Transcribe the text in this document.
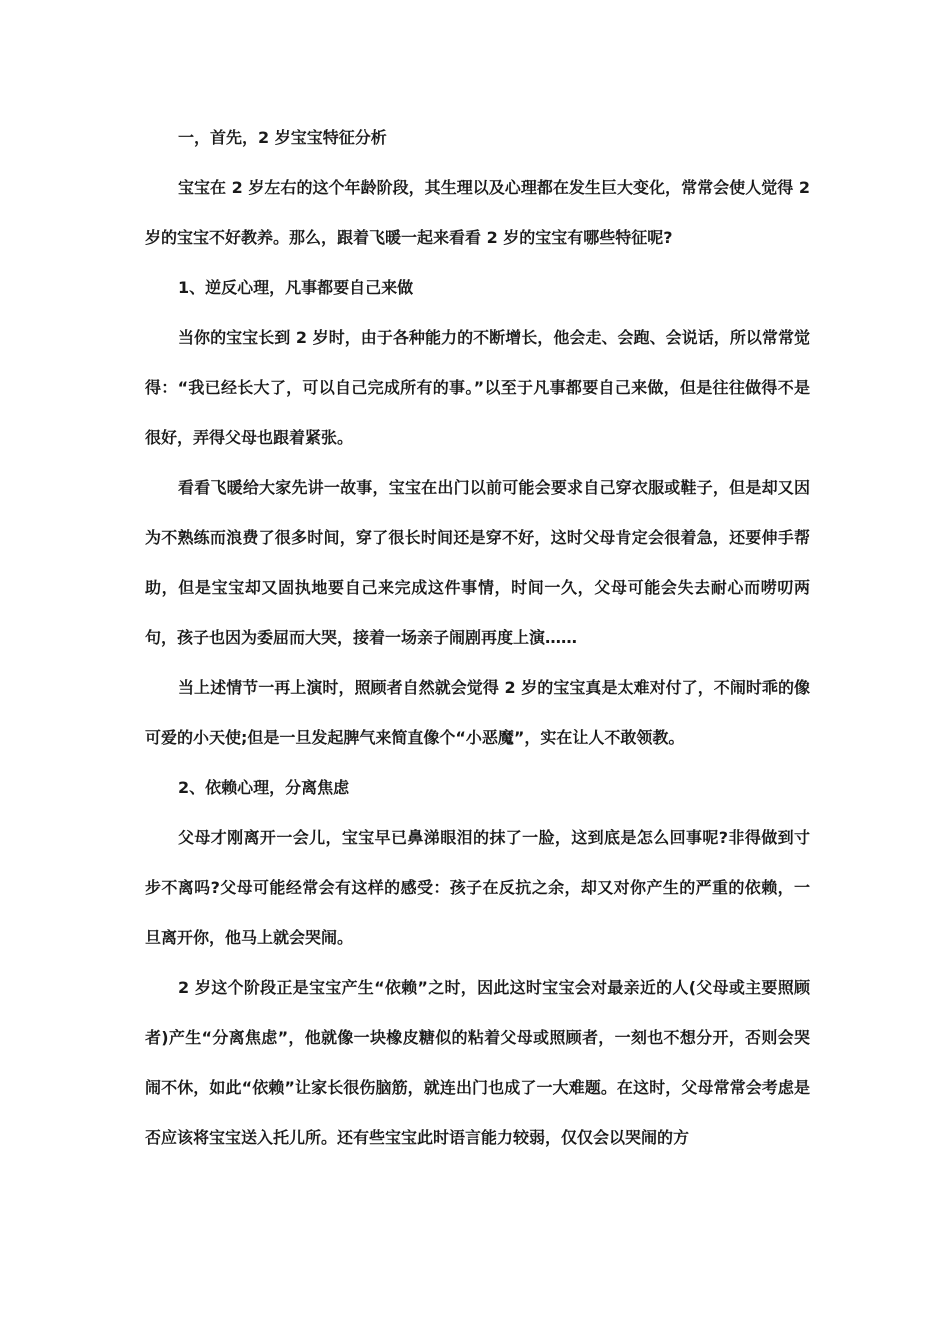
一，首先，2 岁宝宝特征分析

宝宝在 2 岁左右的这个年龄阶段，其生理以及心理都在发生巨大变化，常常会使人觉得 2 岁的宝宝不好教养。那么，跟着飞暖一起来看看 2 岁的宝宝有哪些特征呢?

1、逆反心理，凡事都要自己来做

当你的宝宝长到 2 岁时，由于各种能力的不断增长，他会走、会跑、会说话，所以常常觉得：“我已经长大了，可以自己完成所有的事。”以至于凡事都要自己来做，但是往往做得不是很好，弄得父母也跟着紧张。

看看飞暖给大家先讲一故事，宝宝在出门以前可能会要求自己穿衣服或鞋子，但是却又因为不熟练而浪费了很多时间，穿了很长时间还是穿不好，这时父母肯定会很着急，还要伸手帮助，但是宝宝却又固执地要自己来完成这件事情，时间一久，父母可能会失去耐心而唠叨两句，孩子也因为委屈而大哭，接着一场亲子闹剧再度上演……

当上述情节一再上演时，照顾者自然就会觉得 2 岁的宝宝真是太难对付了，不闹时乖的像可爱的小天使;但是一旦发起脾气来简直像个“小恶魔”，实在让人不敢领教。

2、依赖心理，分离焦虑

父母才刚离开一会儿，宝宝早已鼻涕眼泪的抹了一脸，这到底是怎么回事呢?非得做到寸步不离吗?父母可能经常会有这样的感受：孩子在反抗之余，却又对你产生的严重的依赖，一旦离开你，他马上就会哭闹。

2 岁这个阶段正是宝宝产生“依赖”之时，因此这时宝宝会对最亲近的人(父母或主要照顾者)产生“分离焦虑”，他就像一块橡皮糖似的粘着父母或照顾者，一刻也不想分开，否则会哭闹不休，如此“依赖”让家长很伤脑筋，就连出门也成了一大难题。在这时，父母常常会考虑是否应该将宝宝送入托儿所。还有些宝宝此时语言能力较弱，仅仅会以哭闹的方
